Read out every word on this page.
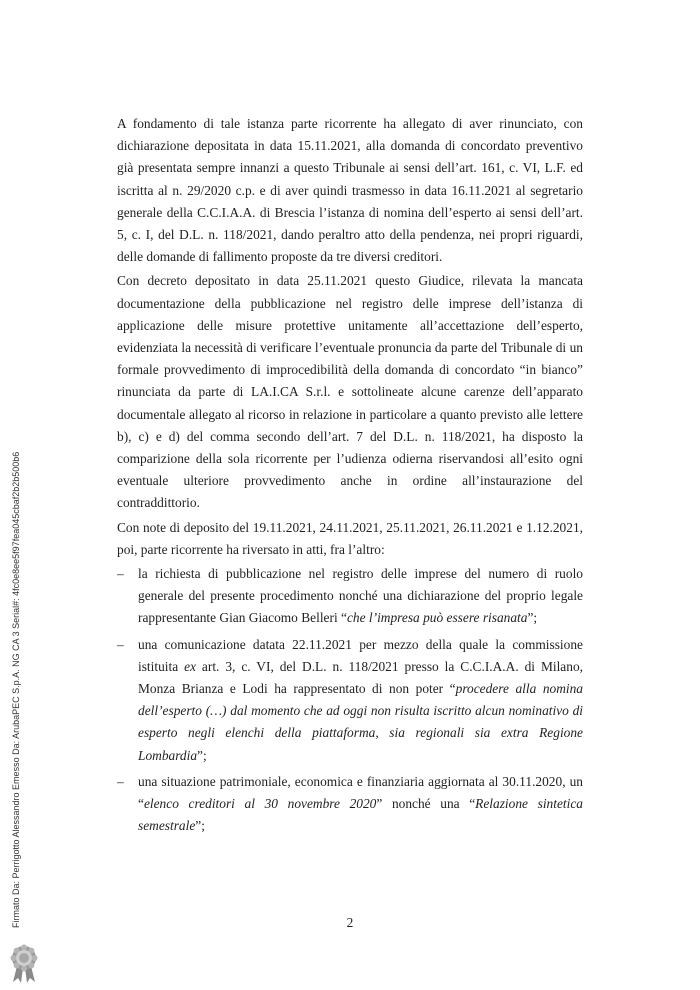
A fondamento di tale istanza parte ricorrente ha allegato di aver rinunciato, con dichiarazione depositata in data 15.11.2021, alla domanda di concordato preventivo già presentata sempre innanzi a questo Tribunale ai sensi dell’art. 161, c. VI, L.F. ed iscritta al n. 29/2020 c.p. e di aver quindi trasmesso in data 16.11.2021 al segretario generale della C.C.I.A.A. di Brescia l’istanza di nomina dell’esperto ai sensi dell’art. 5, c. I, del D.L. n. 118/2021, dando peraltro atto della pendenza, nei propri riguardi, delle domande di fallimento proposte da tre diversi creditori.

Con decreto depositato in data 25.11.2021 questo Giudice, rilevata la mancata documentazione della pubblicazione nel registro delle imprese dell’istanza di applicazione delle misure protettive unitamente all’accettazione dell’esperto, evidenziata la necessità di verificare l’eventuale pronuncia da parte del Tribunale di un formale provvedimento di improcedibilità della domanda di concordato “in bianco” rinunciata da parte di LA.I.CA S.r.l. e sottolineate alcune carenze dell’apparato documentale allegato al ricorso in relazione in particolare a quanto previsto alle lettere b), c) e d) del comma secondo dell’art. 7 del D.L. n. 118/2021, ha disposto la comparizione della sola ricorrente per l’udienza odierna riservandosi all’esito ogni eventuale ulteriore provvedimento anche in ordine all’instaurazione del contraddittorio.

Con note di deposito del 19.11.2021, 24.11.2021, 25.11.2021, 26.11.2021 e 1.12.2021, poi, parte ricorrente ha riversato in atti, fra l’altro:

– la richiesta di pubblicazione nel registro delle imprese del numero di ruolo generale del presente procedimento nonché una dichiarazione del proprio legale rappresentante Gian Giacomo Belleri “che l’impresa può essere risanata”;
– una comunicazione datata 22.11.2021 per mezzo della quale la commissione istituita ex art. 3, c. VI, del D.L. n. 118/2021 presso la C.C.I.A.A. di Milano, Monza Brianza e Lodi ha rappresentato di non poter “procedere alla nomina dell’esperto (…) dal momento che ad oggi non risulta iscritto alcun nominativo di esperto negli elenchi della piattaforma, sia regionali sia extra Regione Lombardia”;
– una situazione patrimoniale, economica e finanziaria aggiornata al 30.11.2020, un “elenco creditori al 30 novembre 2020” nonché una “Relazione sintetica semestrale”;
2
Firmato Da: Perrigotto Alessandro Emesso Da: ArubaPEC S.p.A. NG CA 3 Serial#: 4fc0e8ee5f97fea045cbaf2b2b500b6
